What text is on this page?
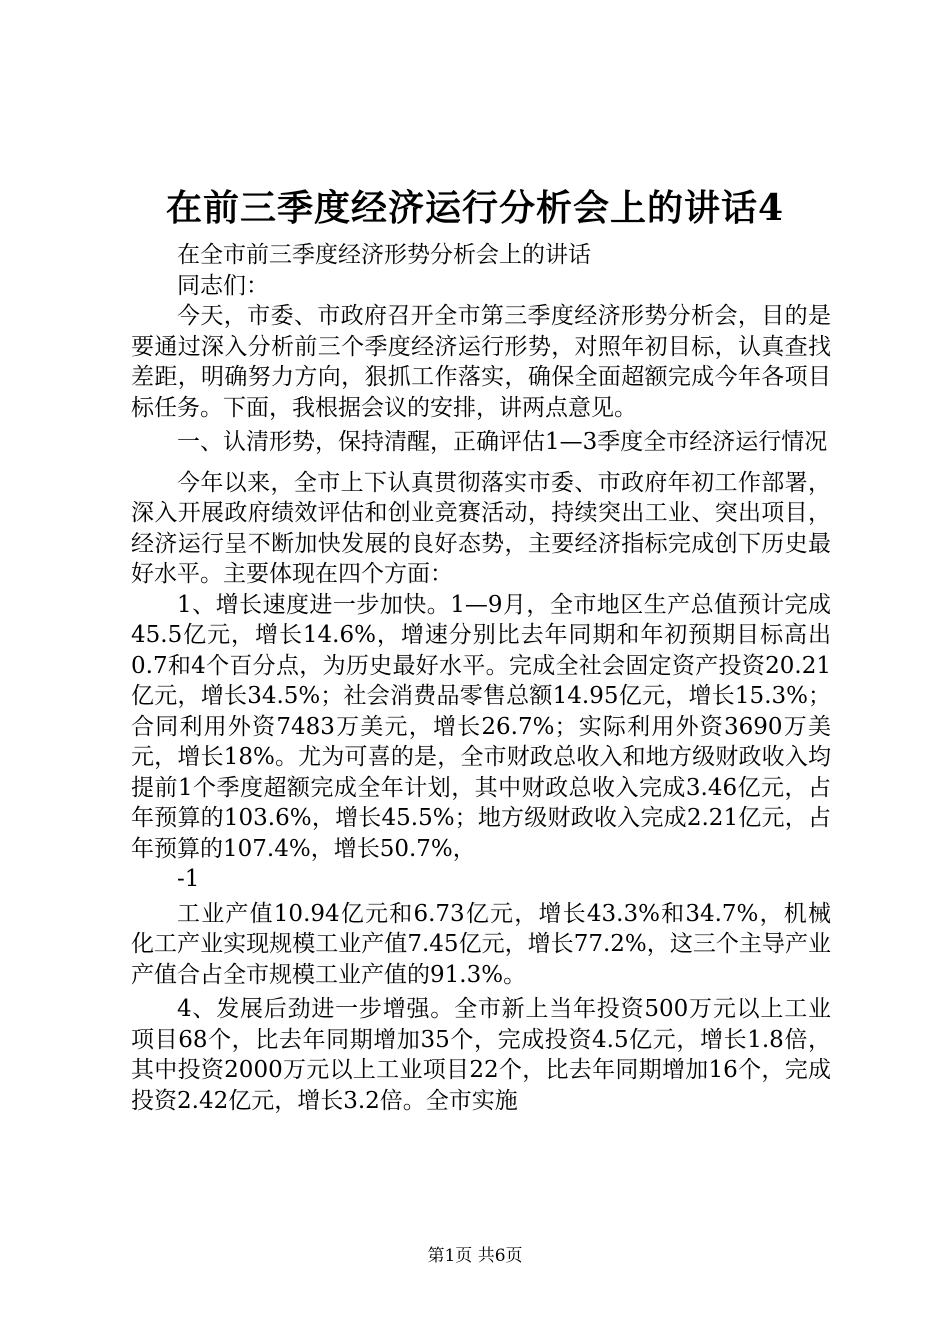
在前三季度经济运行分析会上的讲话4

在全市前三季度经济形势分析会上的讲话

同志们：

今天，市委、市政府召开全市第三季度经济形势分析会，目的是要通过深入分析前三个季度经济运行形势，对照年初目标，认真查找差距，明确努力方向，狠抓工作落实，确保全面超额完成今年各项目标任务。下面，我根据会议的安排，讲两点意见。

一、认清形势，保持清醒，正确评估1—3季度全市经济运行情况

今年以来，全市上下认真贯彻落实市委、市政府年初工作部署，深入开展政府绩效评估和创业竞赛活动，持续突出工业、突出项目，经济运行呈不断加快发展的良好态势，主要经济指标完成创下历史最好水平。主要体现在四个方面：

1、增长速度进一步加快。1—9月，全市地区生产总值预计完成45.5亿元，增长14.6%，增速分别比去年同期和年初预期目标高出0.7和4个百分点，为历史最好水平。完成全社会固定资产投资20.21亿元，增长34.5%；社会消费品零售总额14.95亿元，增长15.3%；合同利用外资7483万美元，增长26.7%；实际利用外资3690万美元，增长18%。尤为可喜的是，全市财政总收入和地方级财政收入均提前1个季度超额完成全年计划，其中财政总收入完成3.46亿元，占年预算的103.6%，增长45.5%；地方级财政收入完成2.21亿元，占年预算的107.4%，增长50.7%，

-1

工业产值10.94亿元和6.73亿元，增长43.3%和34.7%，机械化工产业实现规模工业产值7.45亿元，增长77.2%，这三个主导产业产值合占全市规模工业产值的91.3%。

4、发展后劲进一步增强。全市新上当年投资500万元以上工业项目68个，比去年同期增加35个，完成投资4.5亿元，增长1.8倍，其中投资2000万元以上工业项目22个，比去年同期增加16个，完成投资2.42亿元，增长3.2倍。全市实施

第1页 共6页
